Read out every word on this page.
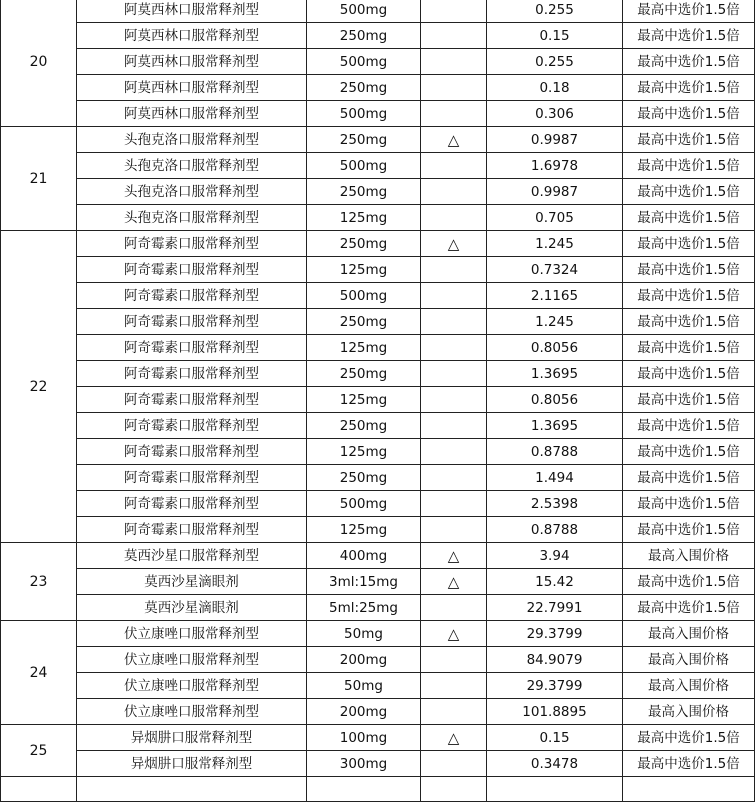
20	阿莫西林口服常释剂型	500mg		0.255	最高中选价1.5倍
	阿莫西林口服常释剂型	250mg		0.15	最高中选价1.5倍
	阿莫西林口服常释剂型	500mg		0.255	最高中选价1.5倍
	阿莫西林口服常释剂型	250mg		0.18	最高中选价1.5倍
	阿莫西林口服常释剂型	500mg		0.306	最高中选价1.5倍
21	头孢克洛口服常释剂型	250mg	△	0.9987	最高中选价1.5倍
	头孢克洛口服常释剂型	500mg		1.6978	最高中选价1.5倍
	头孢克洛口服常释剂型	250mg		0.9987	最高中选价1.5倍
	头孢克洛口服常释剂型	125mg		0.705	最高中选价1.5倍
22	阿奇霉素口服常释剂型	250mg	△	1.245	最高中选价1.5倍
	阿奇霉素口服常释剂型	125mg		0.7324	最高中选价1.5倍
	阿奇霉素口服常释剂型	500mg		2.1165	最高中选价1.5倍
	阿奇霉素口服常释剂型	250mg		1.245	最高中选价1.5倍
	阿奇霉素口服常释剂型	125mg		0.8056	最高中选价1.5倍
	阿奇霉素口服常释剂型	250mg		1.3695	最高中选价1.5倍
	阿奇霉素口服常释剂型	125mg		0.8056	最高中选价1.5倍
	阿奇霉素口服常释剂型	250mg		1.3695	最高中选价1.5倍
	阿奇霉素口服常释剂型	125mg		0.8788	最高中选价1.5倍
	阿奇霉素口服常释剂型	250mg		1.494	最高中选价1.5倍
	阿奇霉素口服常释剂型	500mg		2.5398	最高中选价1.5倍
	阿奇霉素口服常释剂型	125mg		0.8788	最高中选价1.5倍
23	莫西沙星口服常释剂型	400mg	△	3.94	最高入围价格
	莫西沙星滴眼剂	3ml:15mg	△	15.42	最高中选价1.5倍
	莫西沙星滴眼剂	5ml:25mg		22.7991	最高中选价1.5倍
24	伏立康唑口服常释剂型	50mg	△	29.3799	最高入围价格
	伏立康唑口服常释剂型	200mg		84.9079	最高入围价格
	伏立康唑口服常释剂型	50mg		29.3799	最高入围价格
	伏立康唑口服常释剂型	200mg		101.8895	最高入围价格
25	异烟肼口服常释剂型	100mg	△	0.15	最高中选价1.5倍
	异烟肼口服常释剂型	300mg		0.3478	最高中选价1.5倍
